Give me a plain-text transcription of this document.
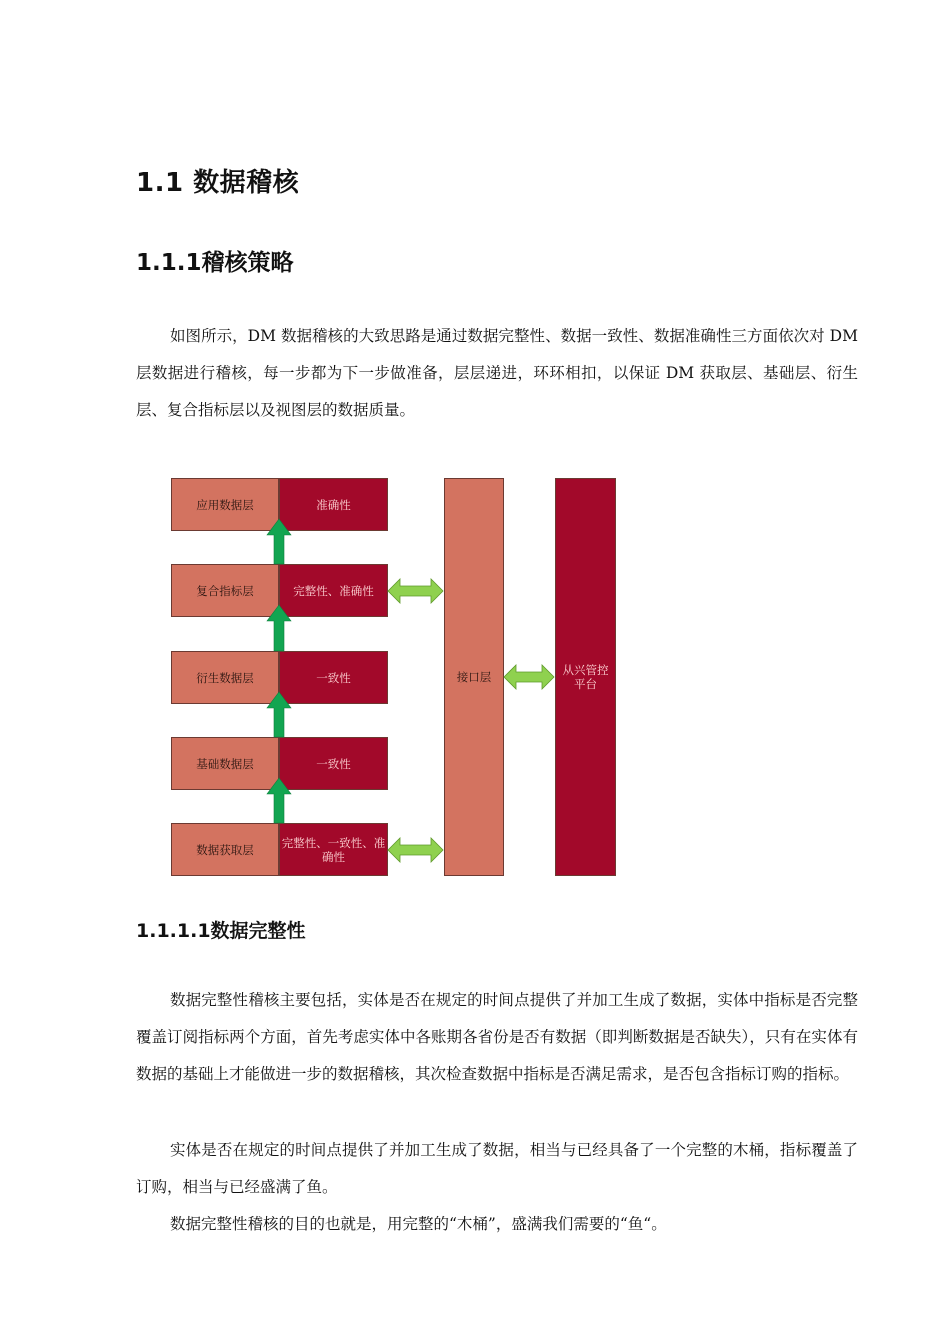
1.1 数据稽核
1.1.1稽核策略

如图所示，DM 数据稽核的大致思路是通过数据完整性、数据一致性、数据准确性三方面依次对 DM 层数据进行稽核，每一步都为下一步做准备，层层递进，环环相扣，以保证 DM 获取层、基础层、衍生层、复合指标层以及视图层的数据质量。

应用数据层	准确性
复合指标层	完整性、准确性
衍生数据层	一致性
基础数据层	一致性
数据获取层	完整性、一致性、准确性
接口层	从兴管控平台
1.1.1.1数据完整性

数据完整性稽核主要包括，实体是否在规定的时间点提供了并加工生成了数据，实体中指标是否完整覆盖订阅指标两个方面，首先考虑实体中各账期各省份是否有数据（即判断数据是否缺失），只有在实体有数据的基础上才能做进一步的数据稽核，其次检查数据中指标是否满足需求，是否包含指标订购的指标。

实体是否在规定的时间点提供了并加工生成了数据，相当与已经具备了一个完整的木桶，指标覆盖了订购，相当与已经盛满了鱼。

数据完整性稽核的目的也就是，用完整的“木桶”，盛满我们需要的“鱼“。
